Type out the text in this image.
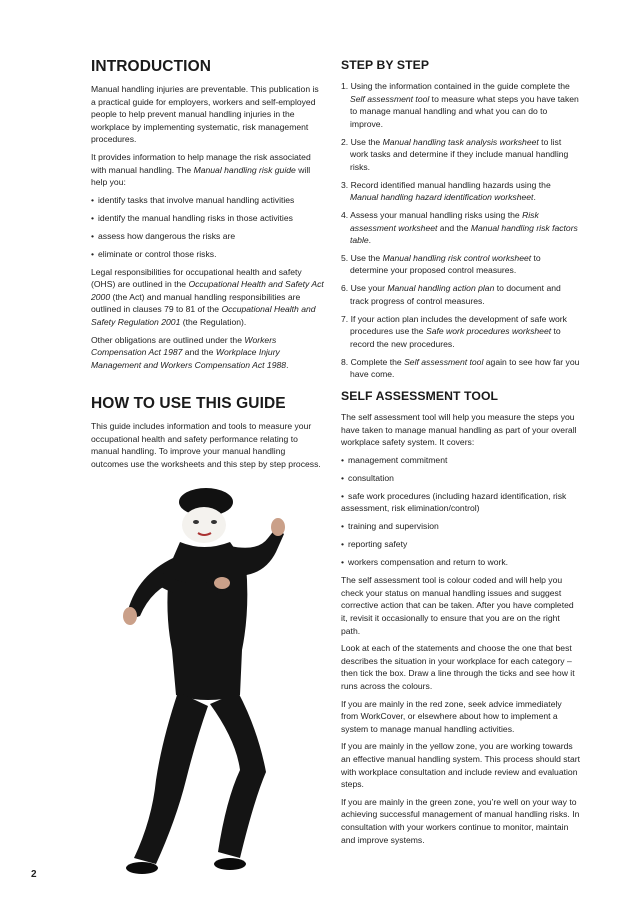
INTRODUCTION

Manual handling injuries are preventable. This publication is a practical guide for employers, workers and self-employed people to help prevent manual handling injuries in the workplace by implementing systematic, risk management procedures.

It provides information to help manage the risk associated with manual handling. The Manual handling risk guide will help you:

• identify tasks that involve manual handling activities
• identify the manual handling risks in those activities
• assess how dangerous the risks are
• eliminate or control those risks.

Legal responsibilities for occupational health and safety (OHS) are outlined in the Occupational Health and Safety Act 2000 (the Act) and manual handling responsibilities are outlined in clauses 79 to 81 of the Occupational Health and Safety Regulation 2001 (the Regulation).

Other obligations are outlined under the Workers Compensation Act 1987 and the Workplace Injury Management and Workers Compensation Act 1988.

HOW TO USE THIS GUIDE

This guide includes information and tools to measure your occupational health and safety performance relating to manual handling. To improve your manual handling outcomes use the worksheets and this step by step process.

STEP BY STEP
1. Using the information contained in the guide complete the Self assessment tool to measure what steps you have taken to manage manual handling and what you can do to improve.
2. Use the Manual handling task analysis worksheet to list work tasks and determine if they include manual handling risks.
3. Record identified manual handling hazards using the Manual handling hazard identification worksheet.
4. Assess your manual handling risks using the Risk assessment worksheet and the Manual handling risk factors table.
5. Use the Manual handling risk control worksheet to determine your proposed control measures.
6. Use your Manual handling action plan to document and track progress of control measures.
7. If your action plan includes the development of safe work procedures use the Safe work procedures worksheet to record the new procedures.
8. Complete the Self assessment tool again to see how far you have come.
SELF ASSESSMENT TOOL

The self assessment tool will help you measure the steps you have taken to manage manual handling as part of your overall workplace safety system. It covers:

• management commitment
• consultation
• safe work procedures (including hazard identification, risk assessment, risk elimination/control)
• training and supervision
• reporting safety
• workers compensation and return to work.

The self assessment tool is colour coded and will help you check your status on manual handling issues and suggest corrective action that can be taken. After you have completed it, revisit it occasionally to ensure that you are on the right path.

Look at each of the statements and choose the one that best describes the situation in your workplace for each category – then tick the box. Draw a line through the ticks and see how it runs across the colours.

If you are mainly in the red zone, seek advice immediately from WorkCover, or elsewhere about how to implement a system to manage manual handling activities.

If you are mainly in the yellow zone, you are working towards an effective manual handling system. This process should start with workplace consultation and include review and evaluation steps.

If you are mainly in the green zone, you’re well on your way to achieving successful management of manual handling risks. In consultation with your workers continue to monitor, maintain and improve systems.

2
